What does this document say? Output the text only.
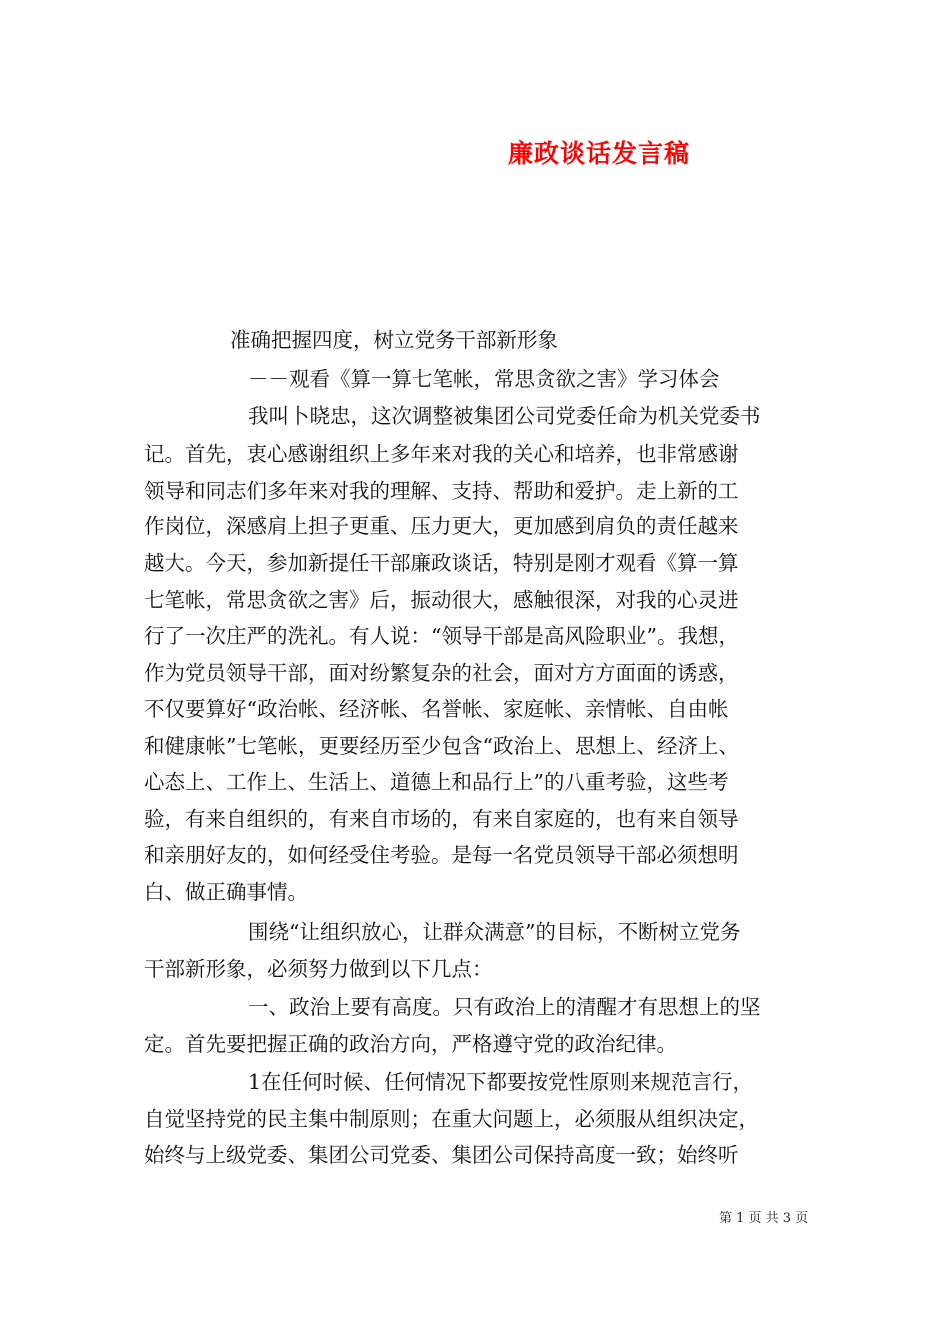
廉政谈话发言稿
准确把握四度，树立党务干部新形象
－－观看《算一算七笔帐，常思贪欲之害》学习体会
我叫卜晓忠，这次调整被集团公司党委任命为机关党委书
记。首先，衷心感谢组织上多年来对我的关心和培养，也非常感谢
领导和同志们多年来对我的理解、支持、帮助和爱护。走上新的工
作岗位，深感肩上担子更重、压力更大，更加感到肩负的责任越来
越大。今天，参加新提任干部廉政谈话，特别是刚才观看《算一算
七笔帐，常思贪欲之害》后，振动很大，感触很深，对我的心灵进
行了一次庄严的洗礼。有人说：“领导干部是高风险职业”。我想，
作为党员领导干部，面对纷繁复杂的社会，面对方方面面的诱惑，
不仅要算好“政治帐、经济帐、名誉帐、家庭帐、亲情帐、自由帐
和健康帐”七笔帐，更要经历至少包含“政治上、思想上、经济上、
心态上、工作上、生活上、道德上和品行上”的八重考验，这些考
验，有来自组织的，有来自市场的，有来自家庭的，也有来自领导
和亲朋好友的，如何经受住考验。是每一名党员领导干部必须想明
白、做正确事情。
围绕“让组织放心，让群众满意”的目标，不断树立党务
干部新形象，必须努力做到以下几点：
一、政治上要有高度。只有政治上的清醒才有思想上的坚
定。首先要把握正确的政治方向，严格遵守党的政治纪律。
1在任何时候、任何情况下都要按党性原则来规范言行，
自觉坚持党的民主集中制原则；在重大问题上，必须服从组织决定，
始终与上级党委、集团公司党委、集团公司保持高度一致；始终听
第 1 页 共 3 页
